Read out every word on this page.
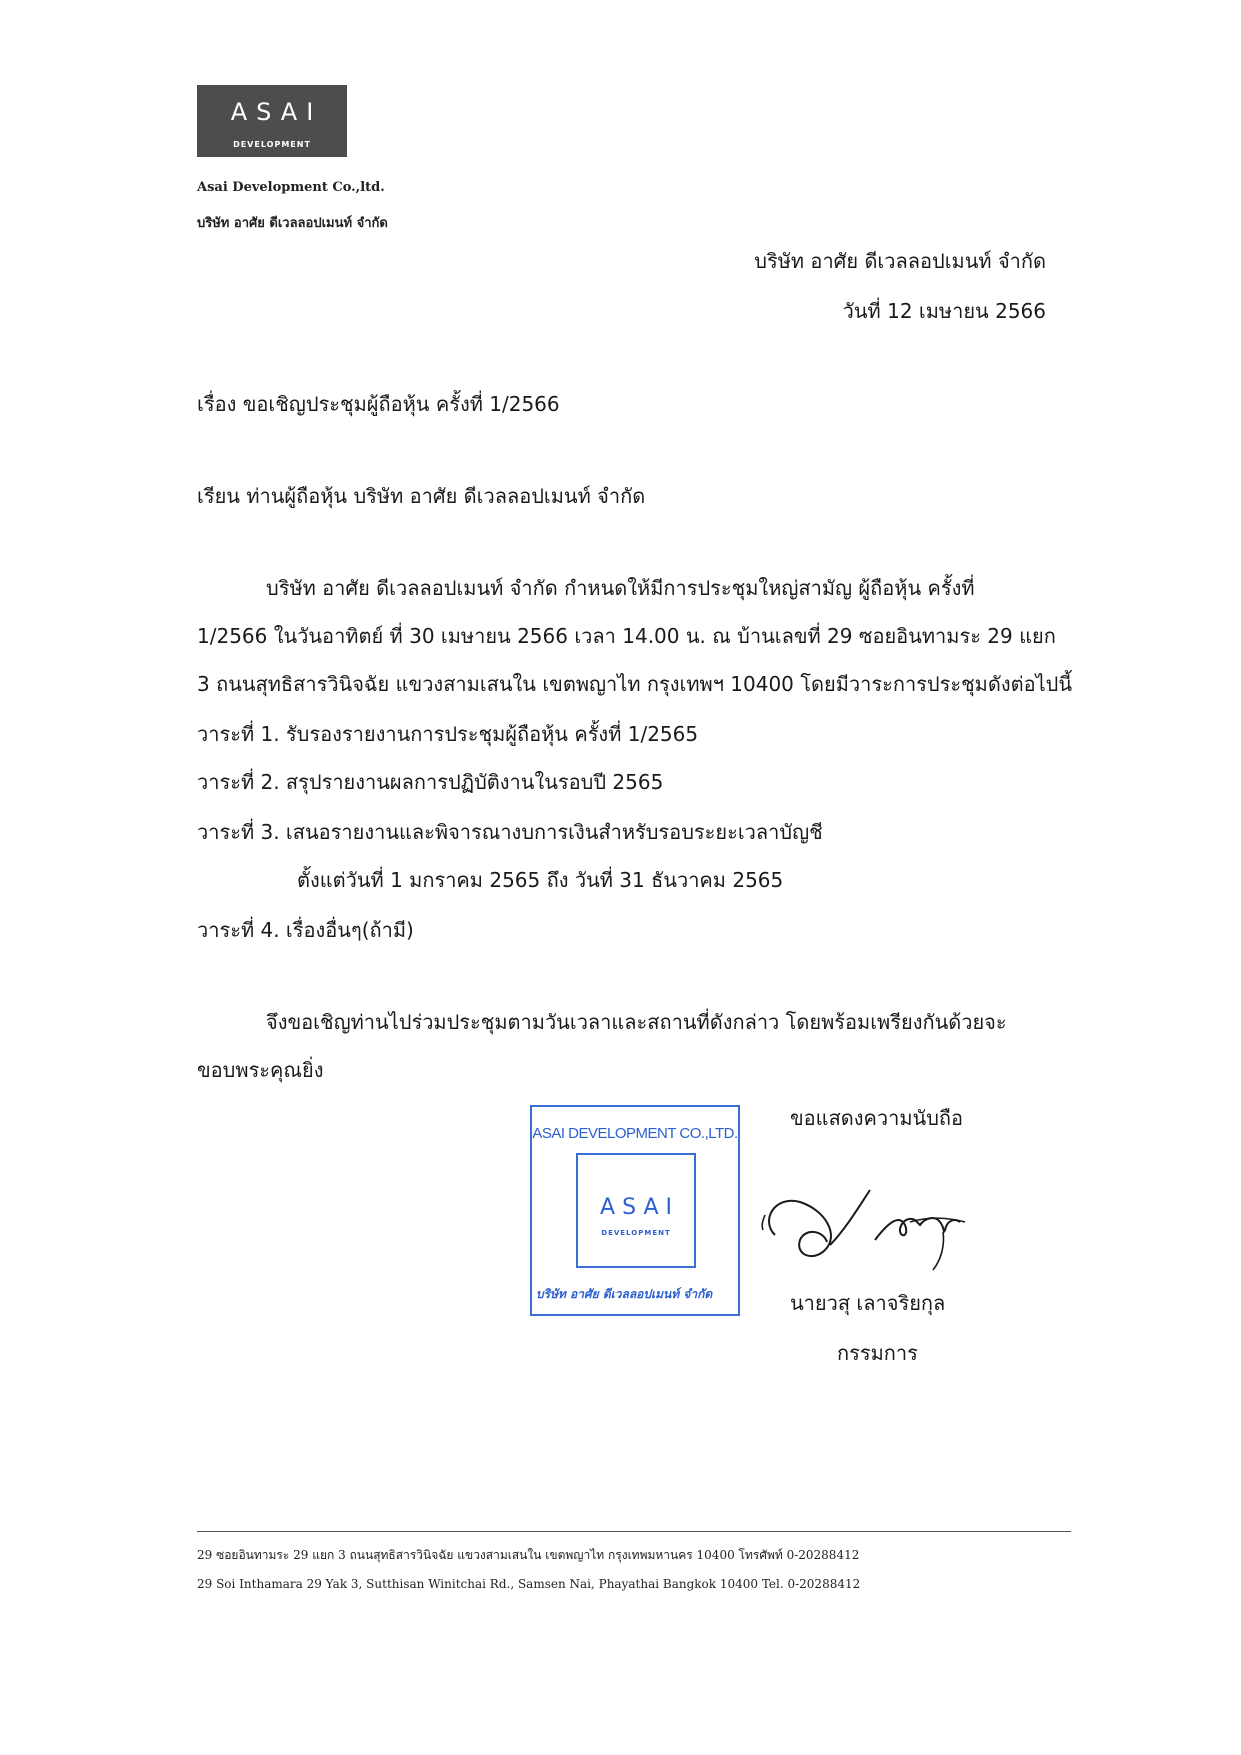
ASAI
DEVELOPMENT
Asai Development Co.,ltd.
บริษัท อาศัย ดีเวลลอปเมนท์ จำกัด
บริษัท อาศัย ดีเวลลอปเมนท์ จำกัด
วันที่ 12 เมษายน 2566
เรื่อง ขอเชิญประชุมผู้ถือหุ้น ครั้งที่ 1/2566
เรียน ท่านผู้ถือหุ้น บริษัท อาศัย ดีเวลลอปเมนท์ จำกัด
บริษัท อาศัย ดีเวลลอปเมนท์ จำกัด กำหนดให้มีการประชุมใหญ่สามัญ ผู้ถือหุ้น ครั้งที่
1/2566 ในวันอาทิตย์ ที่ 30 เมษายน 2566 เวลา 14.00 น. ณ บ้านเลขที่ 29 ซอยอินทามระ 29 แยก
3 ถนนสุทธิสารวินิจฉัย แขวงสามเสนใน เขตพญาไท กรุงเทพฯ 10400 โดยมีวาระการประชุมดังต่อไปนี้
วาระที่ 1. รับรองรายงานการประชุมผู้ถือหุ้น ครั้งที่ 1/2565
วาระที่ 2. สรุปรายงานผลการปฏิบัติงานในรอบปี 2565
วาระที่ 3. เสนอรายงานและพิจารณางบการเงินสำหรับรอบระยะเวลาบัญชี
ตั้งแต่วันที่ 1 มกราคม 2565 ถึง วันที่ 31 ธันวาคม 2565
วาระที่ 4. เรื่องอื่นๆ(ถ้ามี)
จึงขอเชิญท่านไปร่วมประชุมตามวันเวลาและสถานที่ดังกล่าว โดยพร้อมเพรียงกันด้วยจะ
ขอบพระคุณยิ่ง
ขอแสดงความนับถือ
ASAI DEVELOPMENT CO.,LTD.
ASAI
DEVELOPMENT
บริษัท อาศัย ดีเวลลอปเมนท์ จำกัด	นายวสุ เลาจริยกุล
กรรมการ
29 ซอยอินทามระ 29 แยก 3 ถนนสุทธิสารวินิจฉัย แขวงสามเสนใน เขตพญาไท กรุงเทพมหานคร 10400 โทรศัพท์ 0-20288412
29 Soi Inthamara 29 Yak 3, Sutthisan Winitchai Rd., Samsen Nai, Phayathai Bangkok 10400 Tel. 0-20288412
